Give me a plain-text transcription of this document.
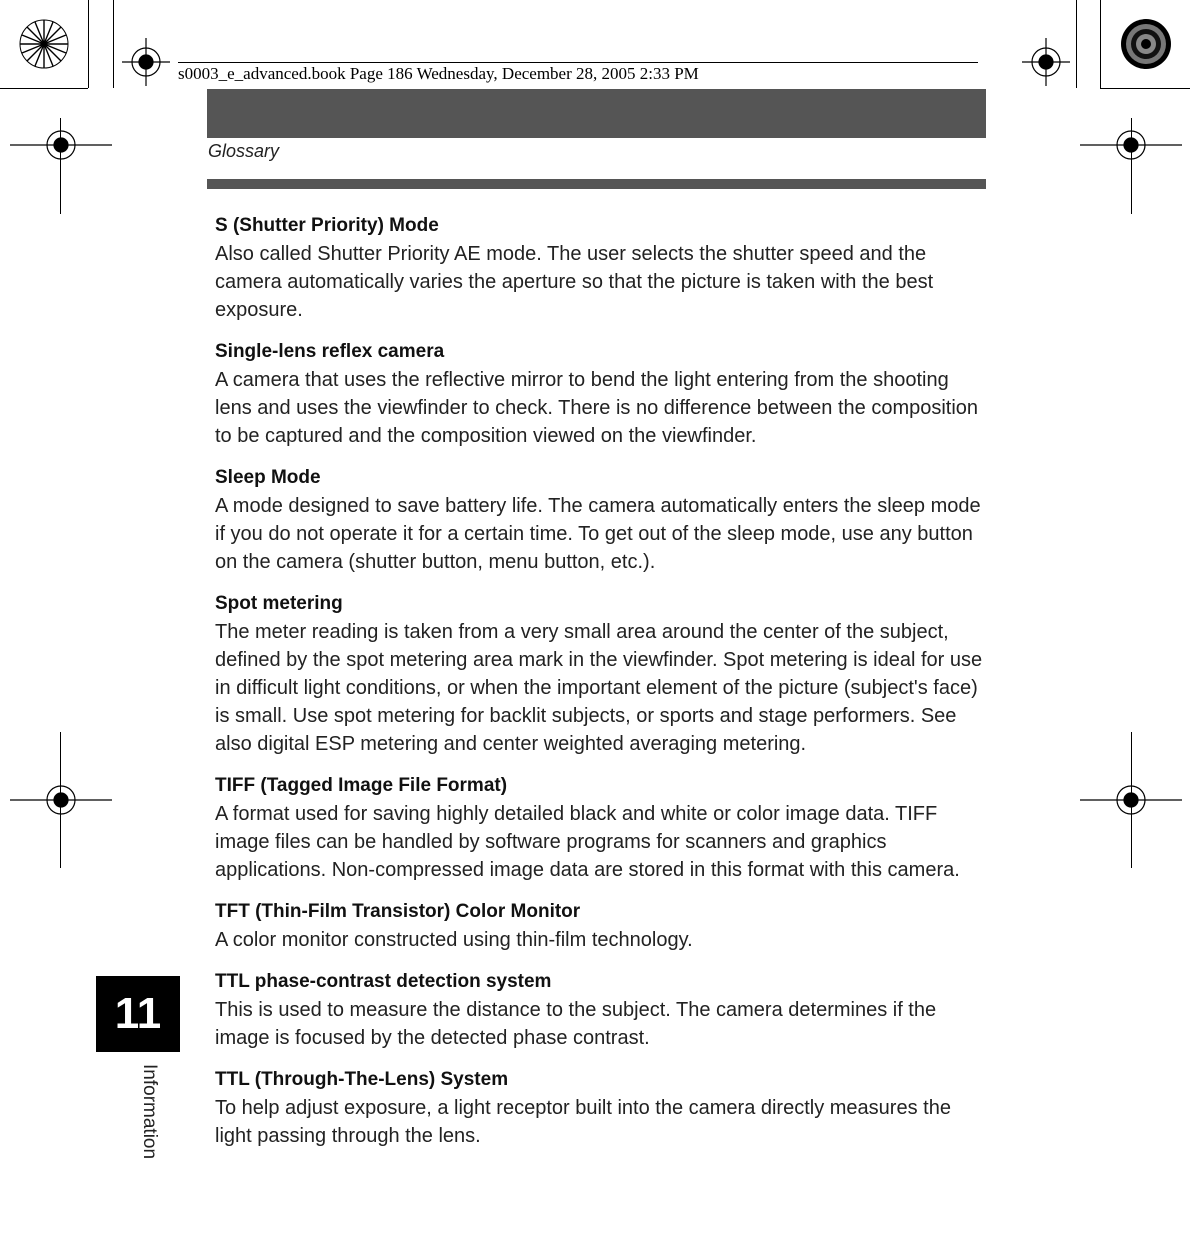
s0003_e_advanced.book Page 186 Wednesday, December 28, 2005 2:33 PM
Glossary
S (Shutter Priority) Mode
Also called Shutter Priority AE mode. The user selects the shutter speed and the camera automatically varies the aperture so that the picture is taken with the best exposure.
Single-lens reflex camera
A camera that uses the reflective mirror to bend the light entering from the shooting lens and uses the viewfinder to check. There is no difference between the composition to be captured and the composition viewed on the viewfinder.
Sleep Mode
A mode designed to save battery life. The camera automatically enters the sleep mode if you do not operate it for a certain time. To get out of the sleep mode, use any button on the camera (shutter button, menu button, etc.).
Spot metering
The meter reading is taken from a very small area around the center of the subject, defined by the spot metering area mark in the viewfinder. Spot metering is ideal for use in difficult light conditions, or when the important element of the picture (subject's face) is small. Use spot metering for backlit subjects, or sports and stage performers. See also digital ESP metering and center weighted averaging metering.
TIFF (Tagged Image File Format)
A format used for saving highly detailed black and white or color image data. TIFF image files can be handled by software programs for scanners and graphics applications. Non-compressed image data are stored in this format with this camera.
TFT (Thin-Film Transistor) Color Monitor
A color monitor constructed using thin-film technology.
TTL phase-contrast detection system
This is used to measure the distance to the subject. The camera determines if the image is focused by the detected phase contrast.
TTL (Through-The-Lens) System
To help adjust exposure, a light receptor built into the camera directly measures the light passing through the lens.
11
Information
